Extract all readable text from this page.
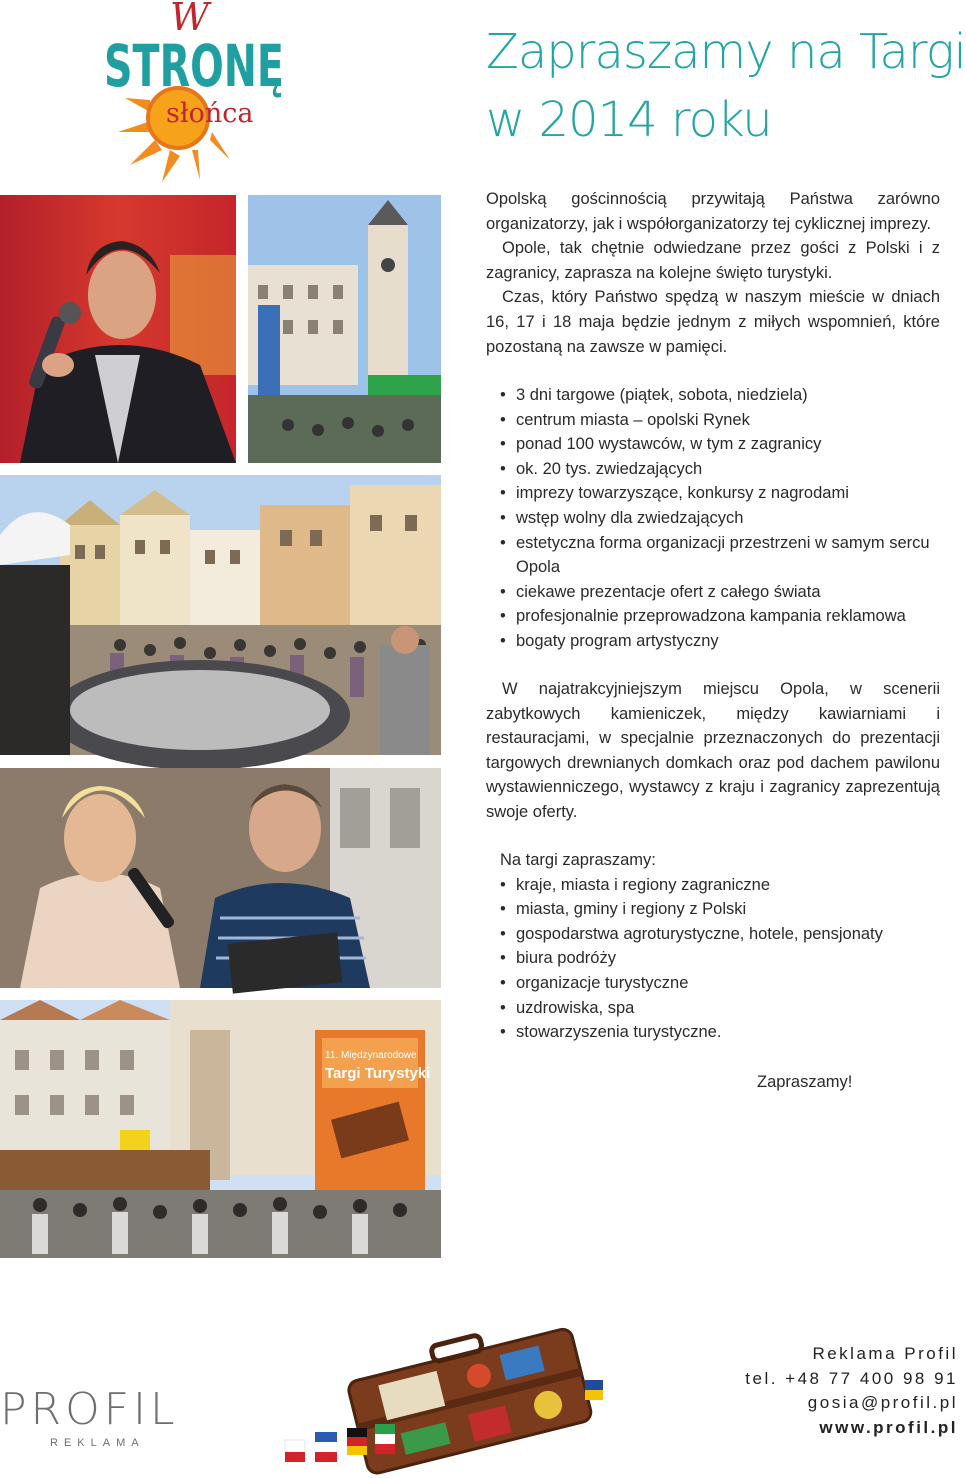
W
STRONĘ
słońca
Zapraszamy na Targi
w 2014 roku

Opolską gościnnością przywitają Państwa zarówno organizatorzy, jak i współorganizatorzy tej cyklicznej imprezy.

Opole, tak chętnie odwiedzane przez gości z Polski i z zagranicy, zaprasza na kolejne święto turystyki.

Czas, który Państwo spędzą w naszym mieście w dniach 16, 17 i 18 maja będzie jednym z miłych wspomnień, które pozostaną na zawsze w pamięci.

• 3 dni targowe (piątek, sobota, niedziela)
• centrum miasta – opolski Rynek
• ponad 100 wystawców, w tym z zagranicy
• ok. 20 tys. zwiedzających
• imprezy towarzyszące, konkursy z nagrodami
• wstęp wolny dla zwiedzających
• estetyczna forma organizacji przestrzeni w samym sercu Opola
• ciekawe prezentacje ofert z całego świata
• profesjonalnie przeprowadzona kampania reklamowa
• bogaty program artystyczny

W najatrakcyjniejszym miejscu Opola, w scenerii zabytkowych kamieniczek, między kawiarniami i restauracjami, w specjalnie przeznaczonych do prezentacji targowych drewnianych domkach oraz pod dachem pawilonu wystawienniczego, wystawcy z kraju i zagranicy zaprezentują swoje oferty.

Na targi zapraszamy:

• kraje, miasta i regiony zagraniczne
• miasta, gminy i regiony z Polski
• gospodarstwa agroturystyczne, hotele, pensjonaty
• biura podróży
• organizacje turystyczne
• uzdrowiska, spa
• stowarzyszenia turystyczne.
Zapraszamy!
11. Międzynarodowe
Targi Turystyki
PROFIL
REKLAMA
Reklama Profil
tel. +48 77 400 98 91
gosia@profil.pl
www.profil.pl
